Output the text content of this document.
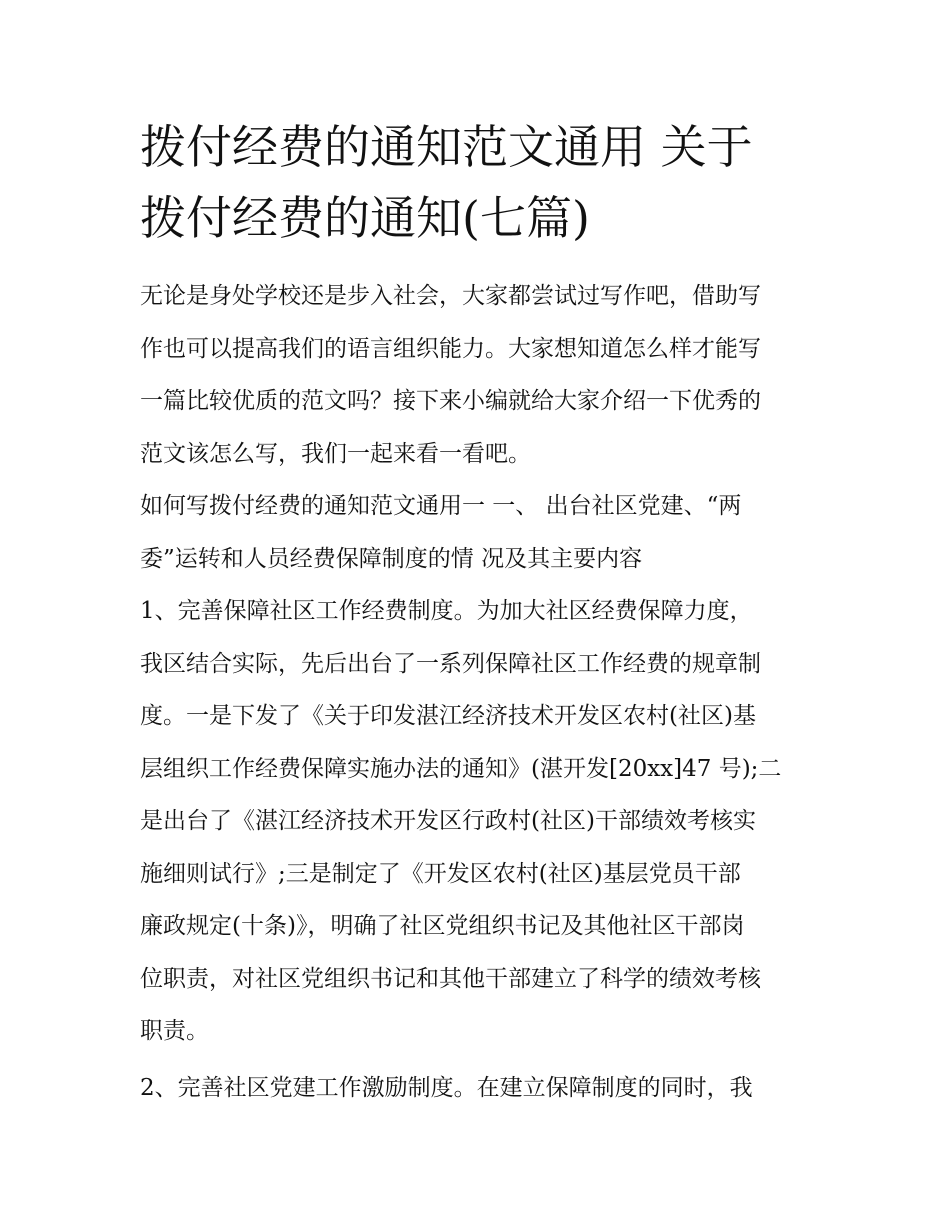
拨付经费的通知范文通用 关于
拨付经费的通知(七篇)

无论是身处学校还是步入社会，大家都尝试过写作吧，借助写
作也可以提高我们的语言组织能力。大家想知道怎么样才能写
一篇比较优质的范文吗？接下来小编就给大家介绍一下优秀的
范文该怎么写，我们一起来看一看吧。

如何写拨付经费的通知范文通用一 一、 出台社区党建、“两
委”运转和人员经费保障制度的情 况及其主要内容

1、完善保障社区工作经费制度。为加大社区经费保障力度，
我区结合实际，先后出台了一系列保障社区工作经费的规章制
度。一是下发了《关于印发湛江经济技术开发区农村(社区)基
层组织工作经费保障实施办法的通知》(湛开发[20xx]47 号);二
是出台了《湛江经济技术开发区行政村(社区)干部绩效考核实
施细则试行》;三是制定了《开发区农村(社区)基层党员干部
廉政规定(十条)》，明确了社区党组织书记及其他社区干部岗
位职责，对社区党组织书记和其他干部建立了科学的绩效考核
职责。

2、完善社区党建工作激励制度。在建立保障制度的同时，我
